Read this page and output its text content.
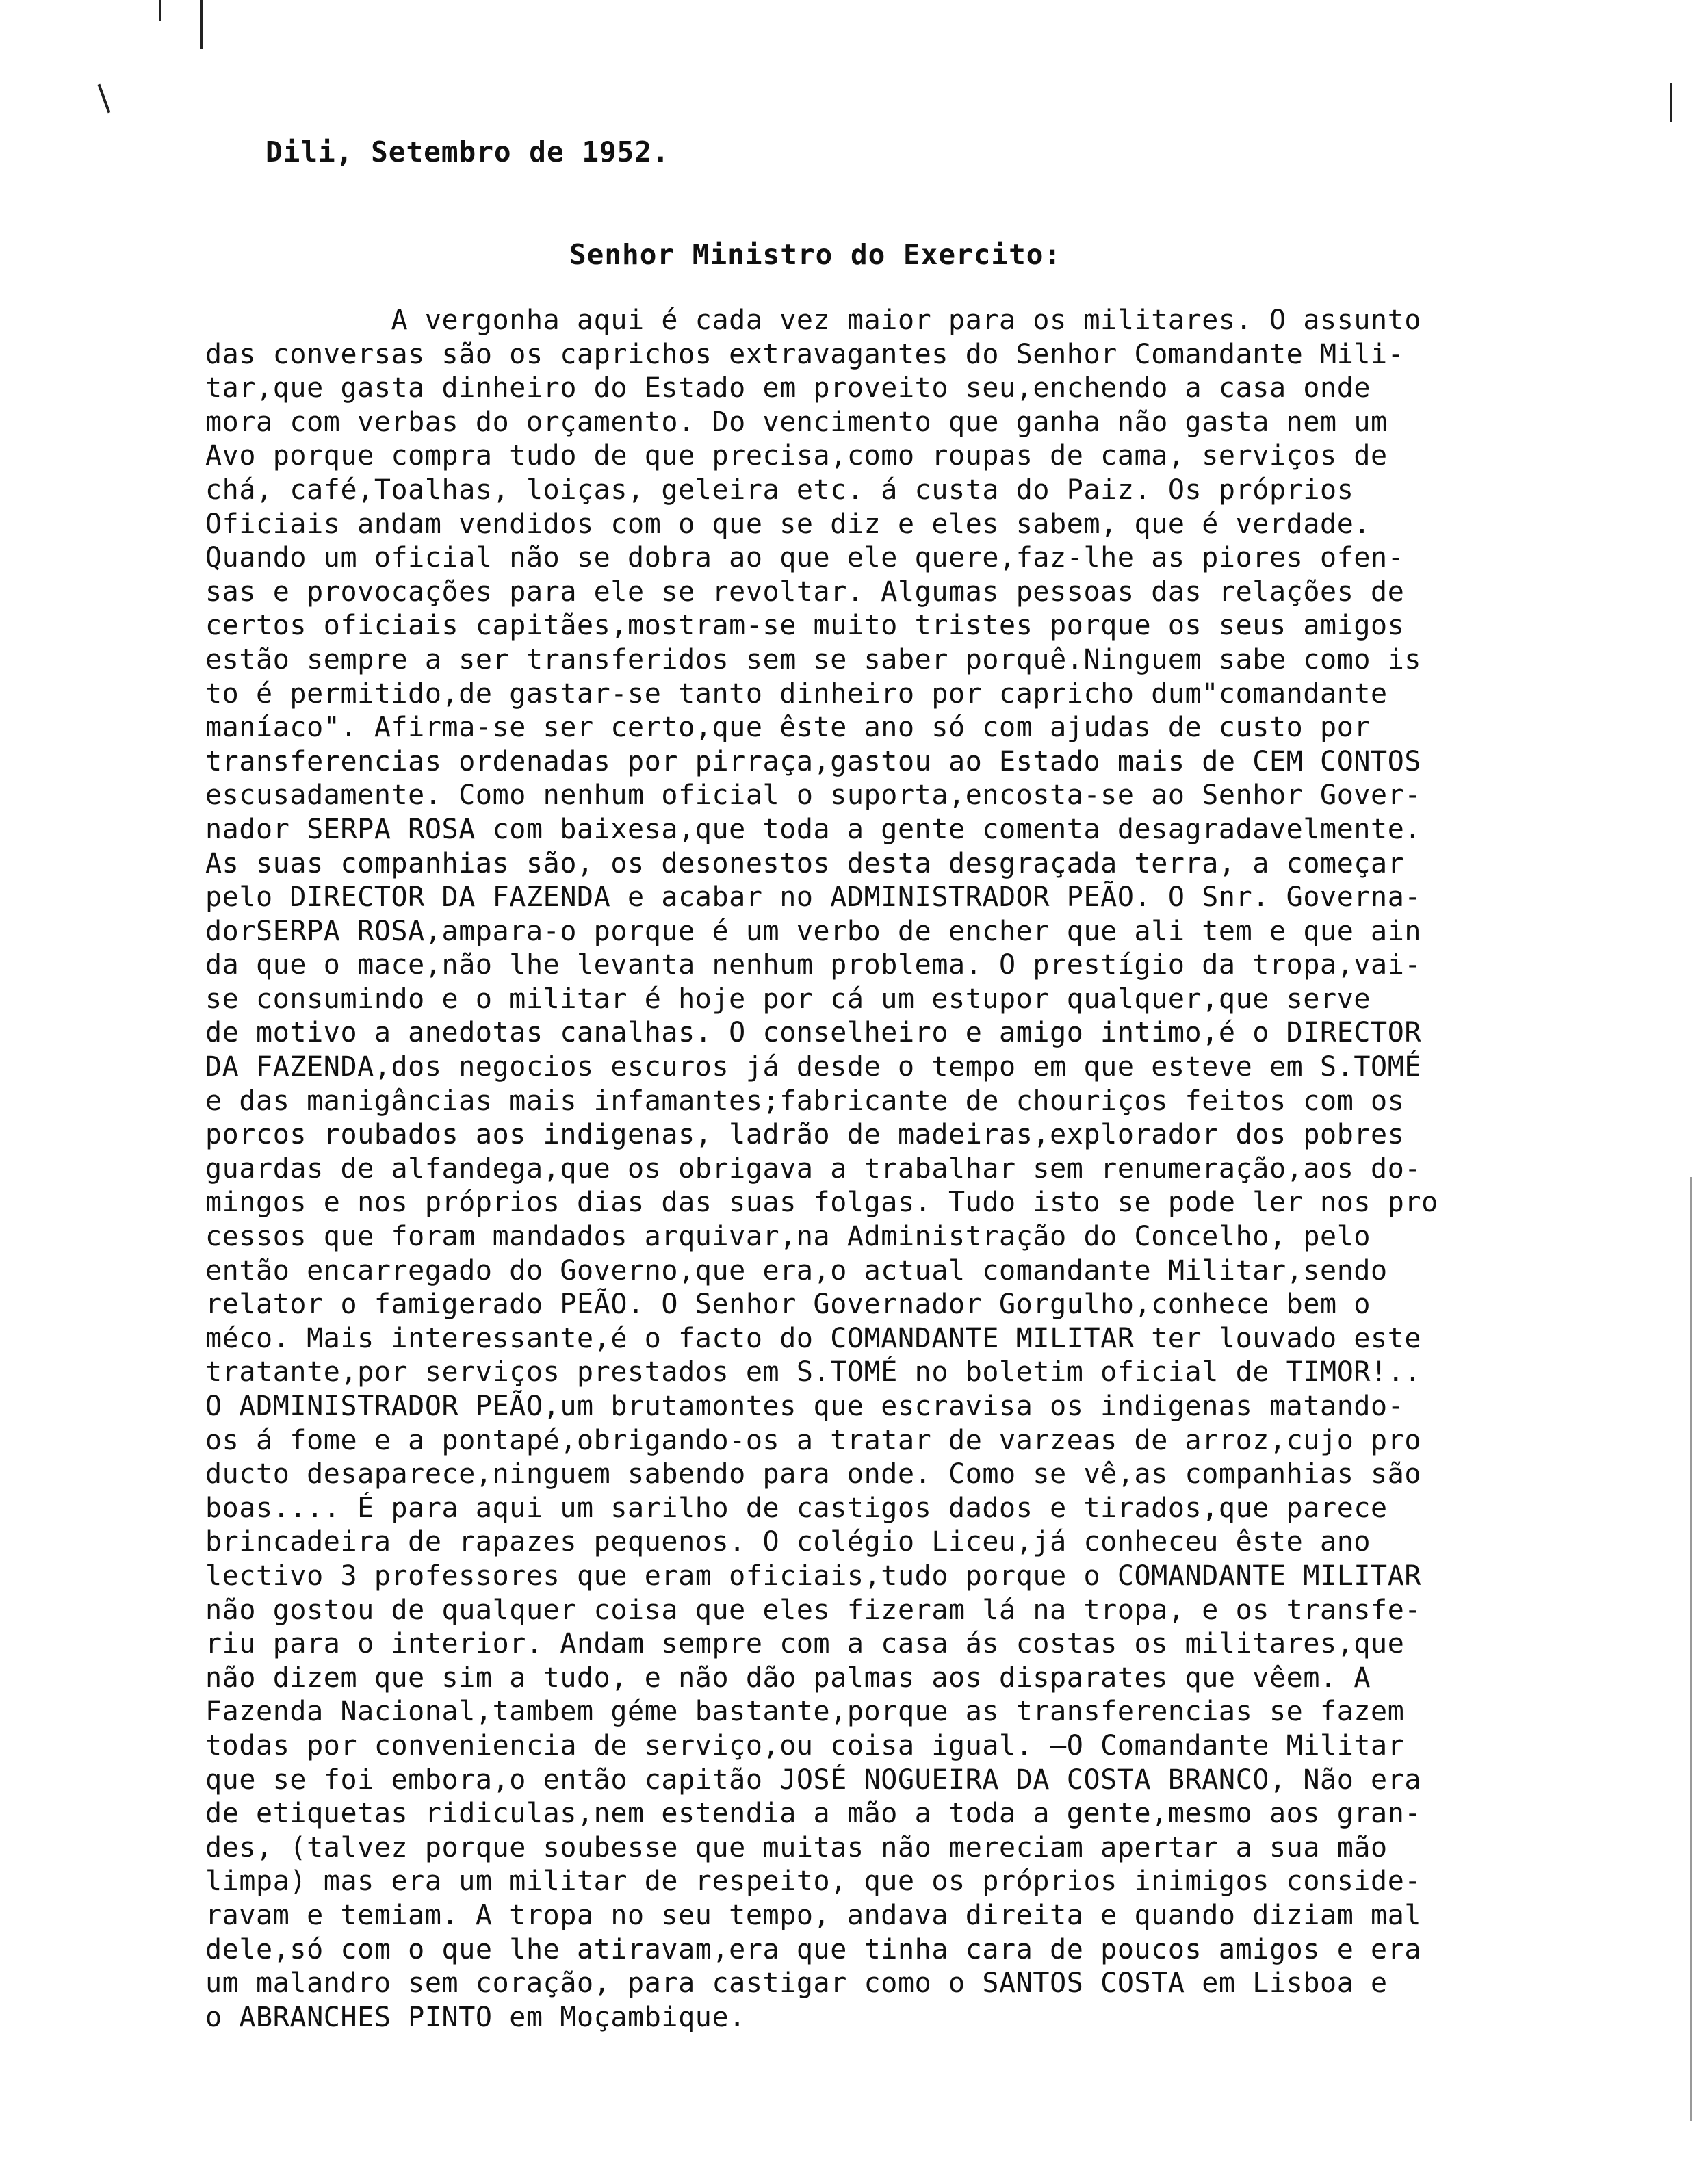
Dili, Setembro de 1952.
Senhor Ministro do Exercito:
A vergonha aqui é cada vez maior para os militares. O assunto
das conversas são os caprichos extravagantes do Senhor Comandante Mili-
tar,que gasta dinheiro do Estado em proveito seu,enchendo a casa onde
mora com verbas do orçamento. Do vencimento que ganha não gasta nem um
Avo porque compra tudo de que precisa,como roupas de cama, serviços de
chá, café,Toalhas, loiças, geleira etc. á custa do Paiz. Os próprios
Oficiais andam vendidos com o que se diz e eles sabem, que é verdade.
Quando um oficial não se dobra ao que ele quere,faz-lhe as piores ofen-
sas e provocações para ele se revoltar. Algumas pessoas das relações de
certos oficiais capitães,mostram-se muito tristes porque os seus amigos
estão sempre a ser transferidos sem se saber porquê.Ninguem sabe como is
to é permitido,de gastar-se tanto dinheiro por capricho dum"comandante
maníaco". Afirma-se ser certo,que êste ano só com ajudas de custo por
transferencias ordenadas por pirraça,gastou ao Estado mais de CEM CONTOS
escusadamente. Como nenhum oficial o suporta,encosta-se ao Senhor Gover-
nador SERPA ROSA com baixesa,que toda a gente comenta desagradavelmente.
As suas companhias são, os desonestos desta desgraçada terra, a começar
pelo DIRECTOR DA FAZENDA e acabar no ADMINISTRADOR PEÃO. O Snr. Governa-
dorSERPA ROSA,ampara-o porque é um verbo de encher que ali tem e que ain
da que o mace,não lhe levanta nenhum problema. O prestígio da tropa,vai-
se consumindo e o militar é hoje por cá um estupor qualquer,que serve
de motivo a anedotas canalhas. O conselheiro e amigo intimo,é o DIRECTOR
DA FAZENDA,dos negocios escuros já desde o tempo em que esteve em S.TOMÉ
e das manigâncias mais infamantes;fabricante de chouriços feitos com os
porcos roubados aos indigenas, ladrão de madeiras,explorador dos pobres
guardas de alfandega,que os obrigava a trabalhar sem renumeração,aos do-
mingos e nos próprios dias das suas folgas. Tudo isto se pode ler nos pro
cessos que foram mandados arquivar,na Administração do Concelho, pelo
então encarregado do Governo,que era,o actual comandante Militar,sendo
relator o famigerado PEÃO. O Senhor Governador Gorgulho,conhece bem o
méco. Mais interessante,é o facto do COMANDANTE MILITAR ter louvado este
tratante,por serviços prestados em S.TOMÉ no boletim oficial de TIMOR!..
O ADMINISTRADOR PEÃO,um brutamontes que escravisa os indigenas matando-
os á fome e a pontapé,obrigando-os a tratar de varzeas de arroz,cujo pro
ducto desaparece,ninguem sabendo para onde. Como se vê,as companhias são
boas.... É para aqui um sarilho de castigos dados e tirados,que parece
brincadeira de rapazes pequenos. O colégio Liceu,já conheceu êste ano
lectivo 3 professores que eram oficiais,tudo porque o COMANDANTE MILITAR
não gostou de qualquer coisa que eles fizeram lá na tropa, e os transfe-
riu para o interior. Andam sempre com a casa ás costas os militares,que
não dizem que sim a tudo, e não dão palmas aos disparates que vêem. A
Fazenda Nacional,tambem géme bastante,porque as transferencias se fazem
todas por conveniencia de serviço,ou coisa igual. —O Comandante Militar
que se foi embora,o então capitão JOSÉ NOGUEIRA DA COSTA BRANCO, Não era
de etiquetas ridiculas,nem estendia a mão a toda a gente,mesmo aos gran-
des, (talvez porque soubesse que muitas não mereciam apertar a sua mão
limpa) mas era um militar de respeito, que os próprios inimigos conside-
ravam e temiam. A tropa no seu tempo, andava direita e quando diziam mal
dele,só com o que lhe atiravam,era que tinha cara de poucos amigos e era
um malandro sem coração, para castigar como o SANTOS COSTA em Lisboa e
o ABRANCHES PINTO em Moçambique.
